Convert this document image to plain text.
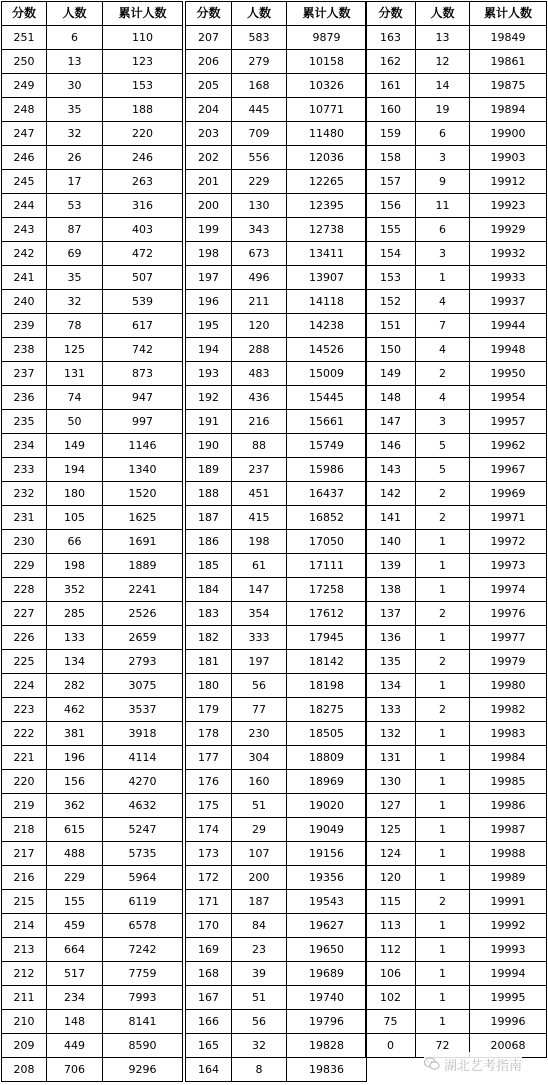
分数	人数	累计人数
251	6	110
250	13	123
249	30	153
248	35	188
247	32	220
246	26	246
245	17	263
244	53	316
243	87	403
242	69	472
241	35	507
240	32	539
239	78	617
238	125	742
237	131	873
236	74	947
235	50	997
234	149	1146
233	194	1340
232	180	1520
231	105	1625
230	66	1691
229	198	1889
228	352	2241
227	285	2526
226	133	2659
225	134	2793
224	282	3075
223	462	3537
222	381	3918
221	196	4114
220	156	4270
219	362	4632
218	615	5247
217	488	5735
216	229	5964
215	155	6119
214	459	6578
213	664	7242
212	517	7759
211	234	7993
210	148	8141
209	449	8590
208	706	9296
分数	人数	累计人数
207	583	9879
206	279	10158
205	168	10326
204	445	10771
203	709	11480
202	556	12036
201	229	12265
200	130	12395
199	343	12738
198	673	13411
197	496	13907
196	211	14118
195	120	14238
194	288	14526
193	483	15009
192	436	15445
191	216	15661
190	88	15749
189	237	15986
188	451	16437
187	415	16852
186	198	17050
185	61	17111
184	147	17258
183	354	17612
182	333	17945
181	197	18142
180	56	18198
179	77	18275
178	230	18505
177	304	18809
176	160	18969
175	51	19020
174	29	19049
173	107	19156
172	200	19356
171	187	19543
170	84	19627
169	23	19650
168	39	19689
167	51	19740
166	56	19796
165	32	19828
164	8	19836
分数	人数	累计人数
163	13	19849
162	12	19861
161	14	19875
160	19	19894
159	6	19900
158	3	19903
157	9	19912
156	11	19923
155	6	19929
154	3	19932
153	1	19933
152	4	19937
151	7	19944
150	4	19948
149	2	19950
148	4	19954
147	3	19957
146	5	19962
143	5	19967
142	2	19969
141	2	19971
140	1	19972
139	1	19973
138	1	19974
137	2	19976
136	1	19977
135	2	19979
134	1	19980
133	2	19982
132	1	19983
131	1	19984
130	1	19985
127	1	19986
125	1	19987
124	1	19988
120	1	19989
115	2	19991
113	1	19992
112	1	19993
106	1	19994
102	1	19995
75	1	19996
0	72	20068

湖北艺考指南
